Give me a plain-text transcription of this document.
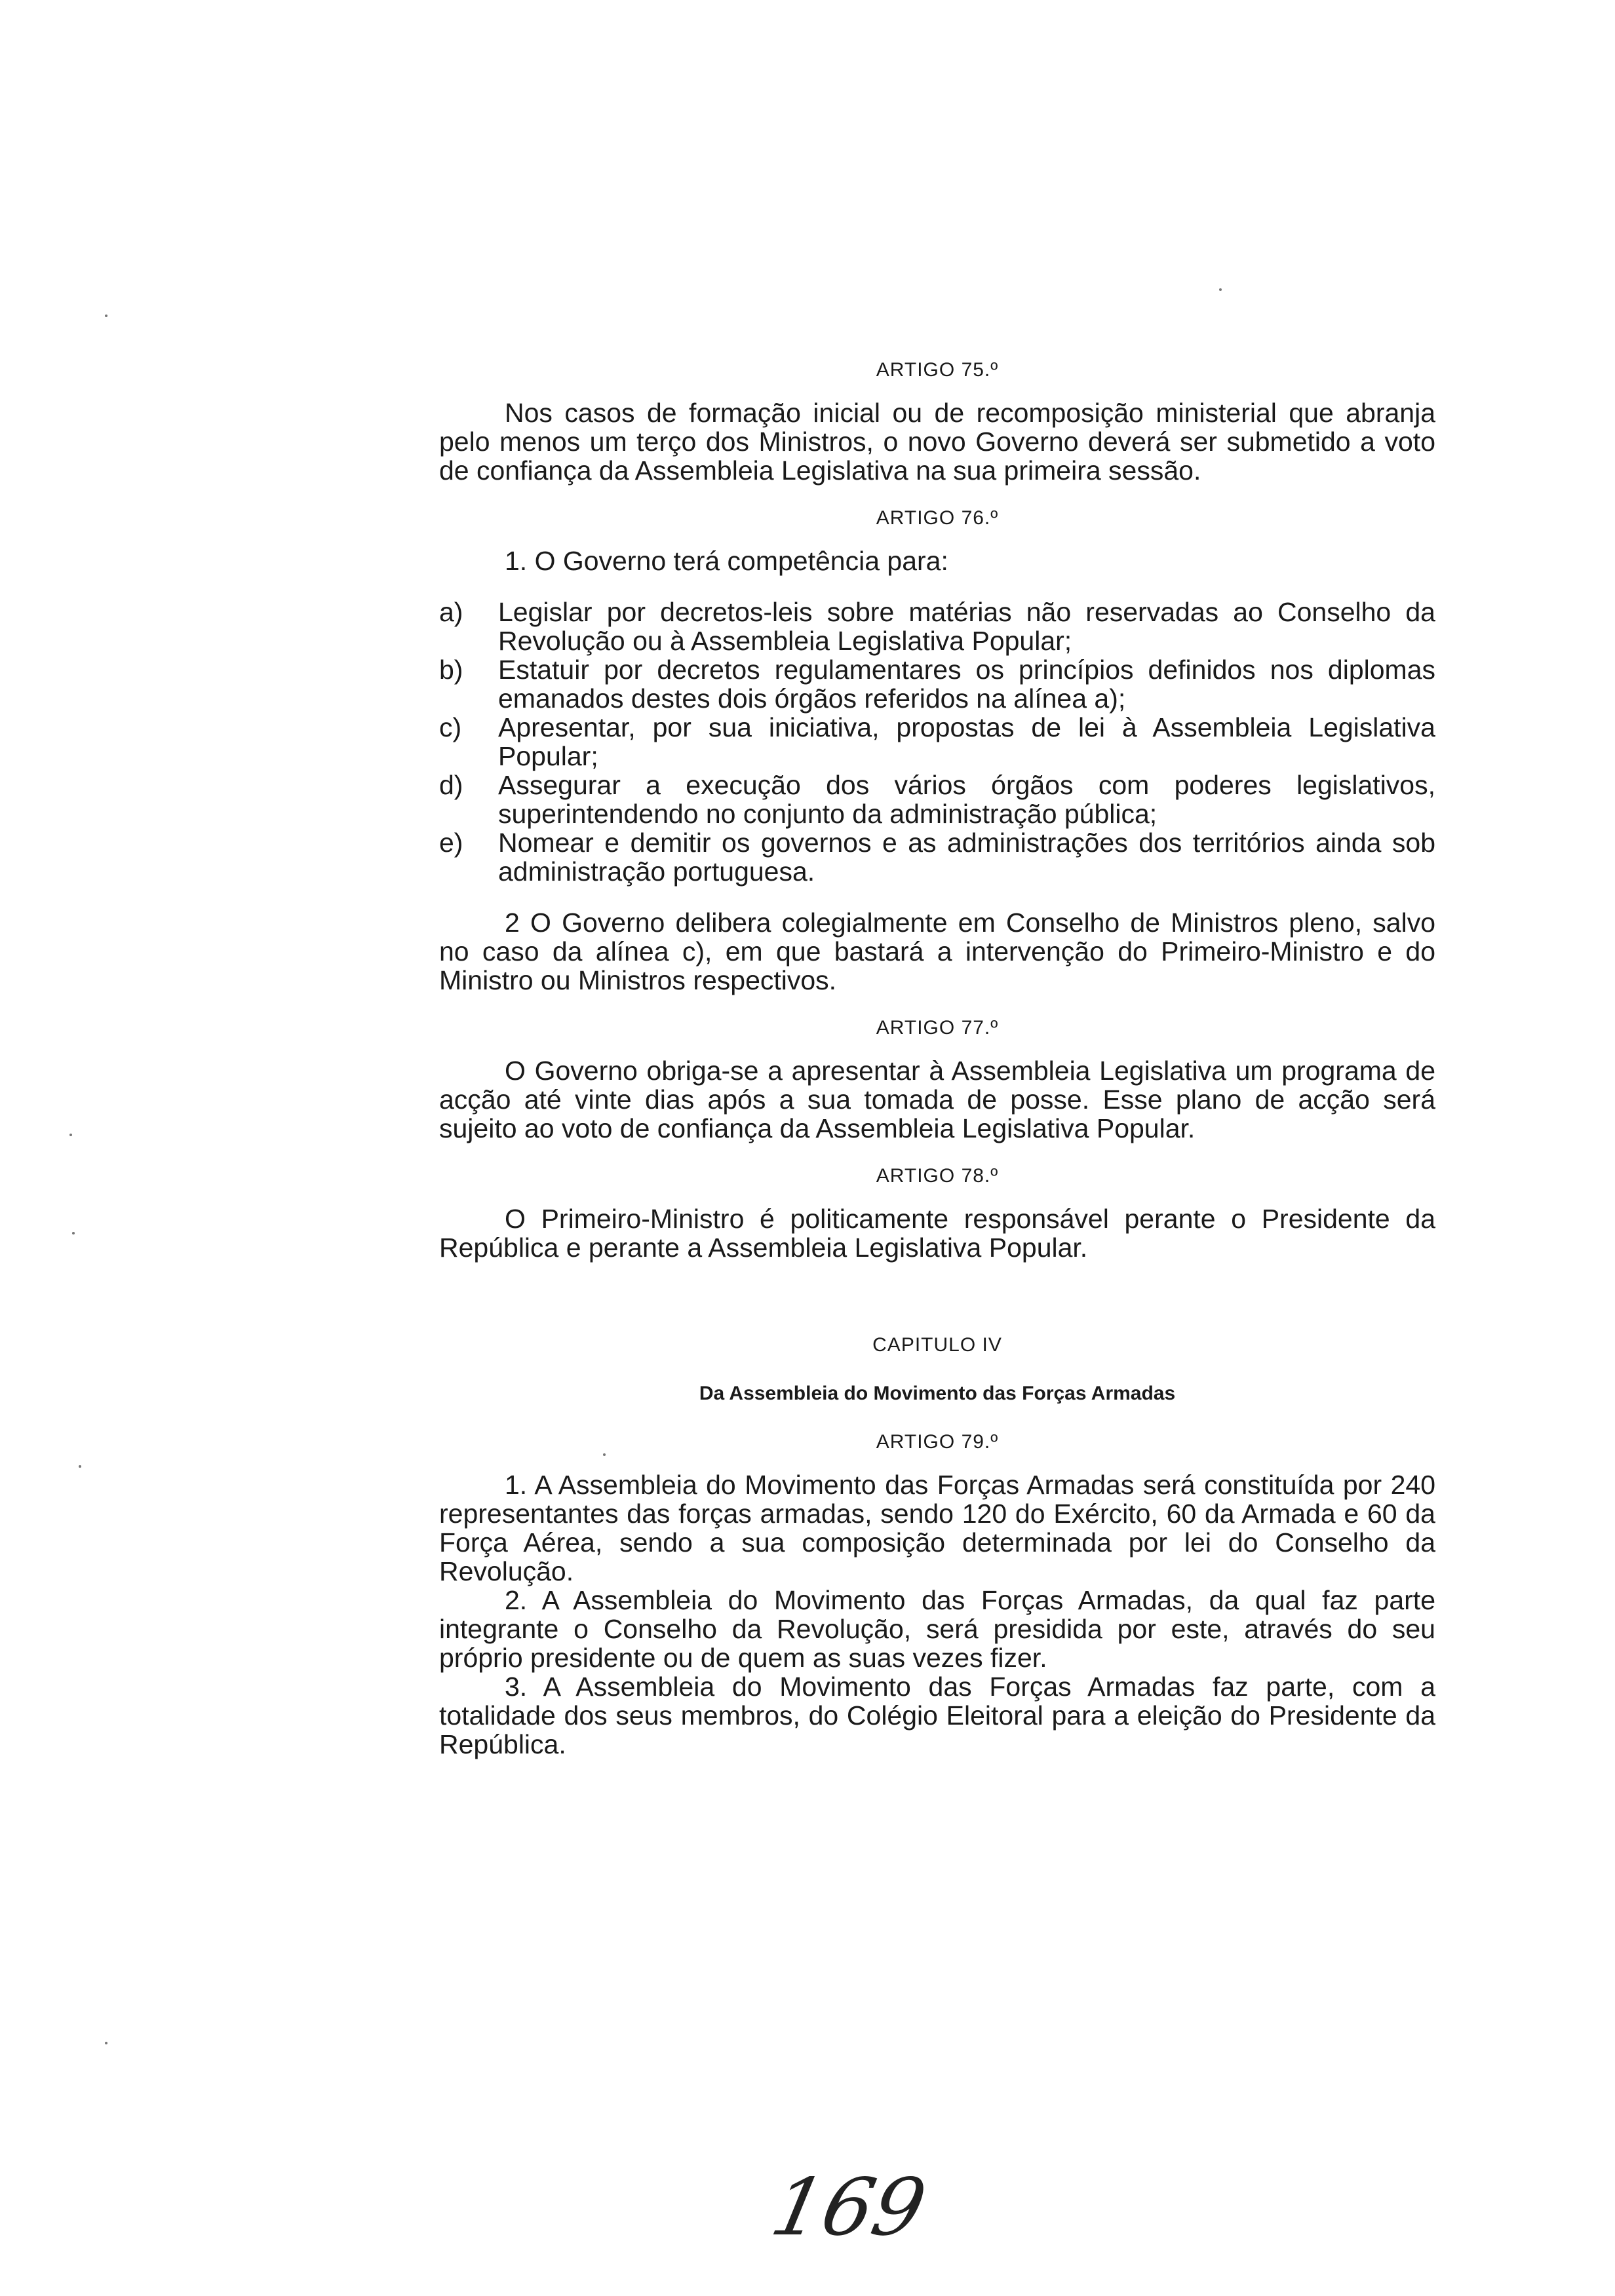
ARTIGO 75.º

Nos casos de formação inicial ou de recomposição ministerial que abranja pelo menos um terço dos Ministros, o novo Governo deverá ser submetido a voto de confiança da Assembleia Legislativa na sua primeira sessão.

ARTIGO 76.º

1. O Governo terá competência para:

a)	Legislar por decretos-leis sobre matérias não reservadas ao Conselho da Revolução ou à Assembleia Legislativa Popular;
b)	Estatuir por decretos regulamentares os princípios definidos nos diplomas emanados destes dois órgãos referidos na alínea a);
c)	Apresentar, por sua iniciativa, propostas de lei à Assembleia Legislativa Popular;
d)	Assegurar a execução dos vários órgãos com poderes legislativos, superintendendo no conjunto da administração pública;
e)	Nomear e demitir os governos e as administrações dos territórios ainda sob administração portuguesa.

2 O Governo delibera colegialmente em Conselho de Ministros pleno, salvo no caso da alínea c), em que bastará a intervenção do Primeiro-Ministro e do Ministro ou Ministros respectivos.

ARTIGO 77.º

O Governo obriga-se a apresentar à Assembleia Legislativa um programa de acção até vinte dias após a sua tomada de posse. Esse plano de acção será sujeito ao voto de confiança da Assembleia Legislativa Popular.

ARTIGO 78.º

O Primeiro-Ministro é politicamente responsável perante o Presidente da República e perante a Assembleia Legislativa Popular.

CAPITULO IV

Da Assembleia do Movimento das Forças Armadas

ARTIGO 79.º

1. A Assembleia do Movimento das Forças Armadas será constituída por 240 representantes das forças armadas, sendo 120 do Exército, 60 da Armada e 60 da Força Aérea, sendo a sua composição determinada por lei do Conselho da Revolução.

2. A Assembleia do Movimento das Forças Armadas, da qual faz parte integrante o Conselho da Revolução, será presidida por este, através do seu próprio presidente ou de quem as suas vezes fizer.

3. A Assembleia do Movimento das Forças Armadas faz parte, com a totalidade dos seus membros, do Colégio Eleitoral para a eleição do Presidente da República.

169
